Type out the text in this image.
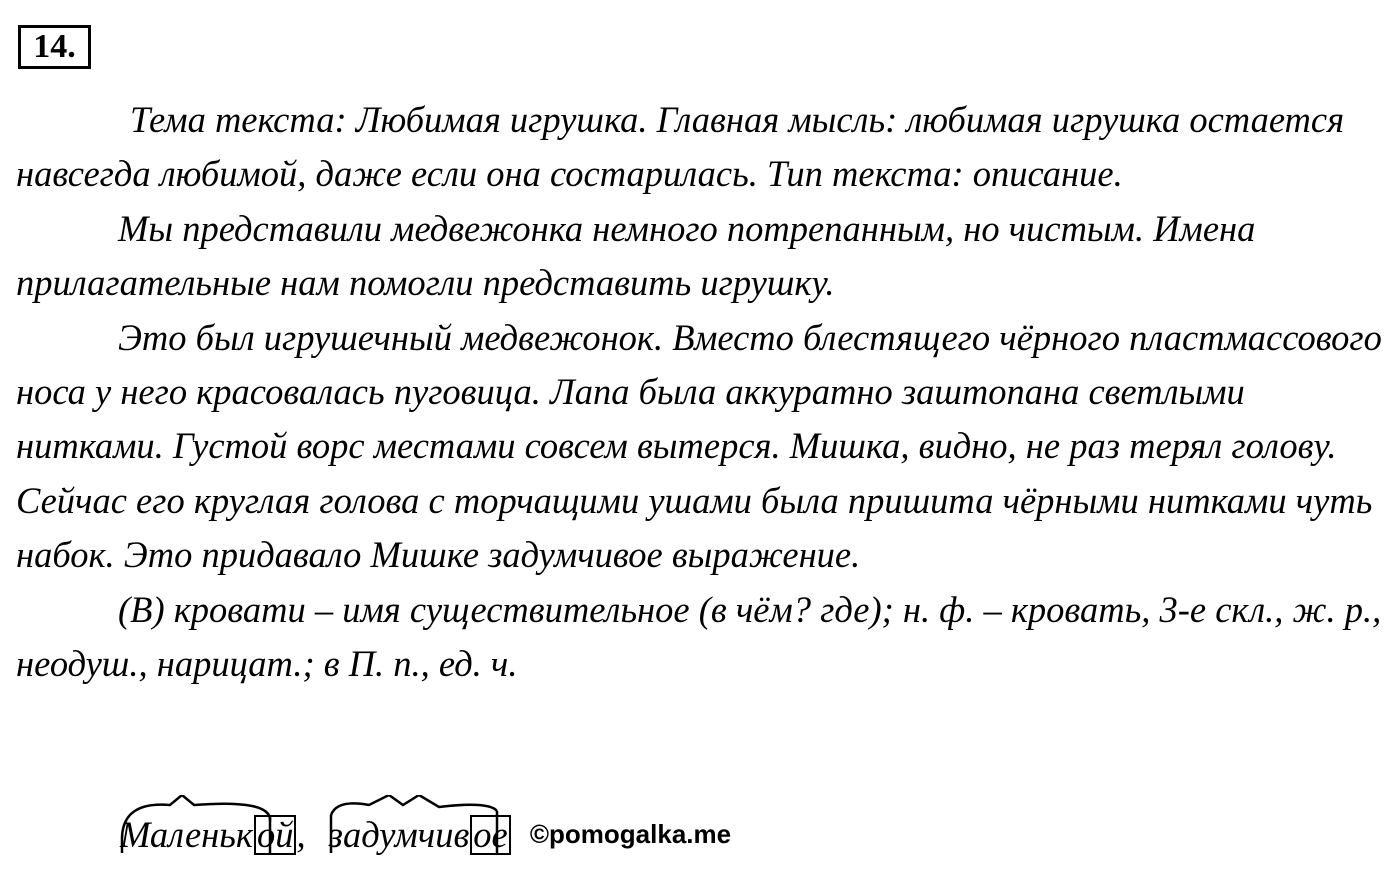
14.

Тема текста: Любимая игрушка. Главная мысль: любимая игрушка остается навсегда любимой, даже если она состарилась. Тип текста: описание.

Мы представили медвежонка немного потрепанным, но чистым. Имена прилагательные нам помогли представить игрушку.

Это был игрушечный медвежонок. Вместо блестящего чёрного пластмассового носа у него красовалась пуговица. Лапа была аккуратно заштопана светлыми нитками. Густой ворс местами совсем вытерся. Мишка, видно, не раз терял голову. Сейчас его круглая голова с торчащими ушами была пришита чёрными нитками чуть набок. Это придавало Мишке задумчивое выражение.

(В) кровати – имя существительное (в чём? где); н. ф. – кровать, 3-е скл., ж. р., неодуш., нарицат.; в П. п., ед. ч.

Маленьк ой, задумчив ое ©pomogalka.me
